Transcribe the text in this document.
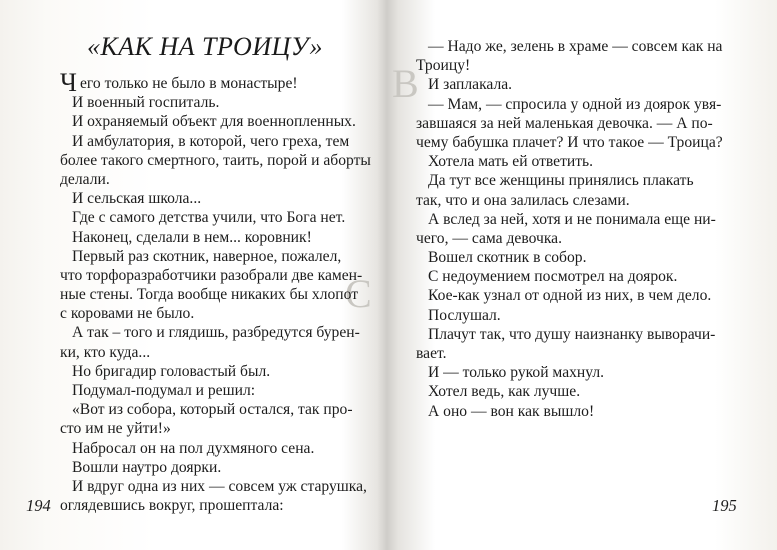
В
С
«КАК НА ТРОИЦУ»
Ч его только не было в монастыре!
И военный госпиталь.
И охраняемый объект для военнопленных.
И амбулатория, в которой, чего греха, тем
более такого смертного, таить, порой и аборты
делали.
И сельская школа...
Где с самого детства учили, что Бога нет.
Наконец, сделали в нем... коровник!
Первый раз скотник, наверное, пожалел,
что торфоразработчики разобрали две камен-
ные стены. Тогда вообще никаких бы хлопот
с коровами не было.
А так – того и глядишь, разбредутся бурен-
ки, кто куда...
Но бригадир головастый был.
Подумал-подумал и решил:
«Вот из собора, который остался, так про-
сто им не уйти!»
Набросал он на пол духмяного сена.
Вошли наутро доярки.
И вдруг одна из них — совсем уж старушка,
оглядевшись вокруг, прошептала:
194
— Надо же, зелень в храме — совсем как на
Троицу!
И заплакала.
— Мам, — спросила у одной из доярок увя-
завшаяся за ней маленькая девочка. — А по-
чему бабушка плачет? И что такое — Троица?
Хотела мать ей ответить.
Да тут все женщины принялись плакать
так, что и она залилась слезами.
А вслед за ней, хотя и не понимала еще ни-
чего, — сама девочка.
Вошел скотник в собор.
С недоумением посмотрел на доярок.
Кое-как узнал от одной из них, в чем дело.
Послушал.
Плачут так, что душу наизнанку выворачи-
вает.
И — только рукой махнул.
Хотел ведь, как лучше.
А оно — вон как вышло!
195
